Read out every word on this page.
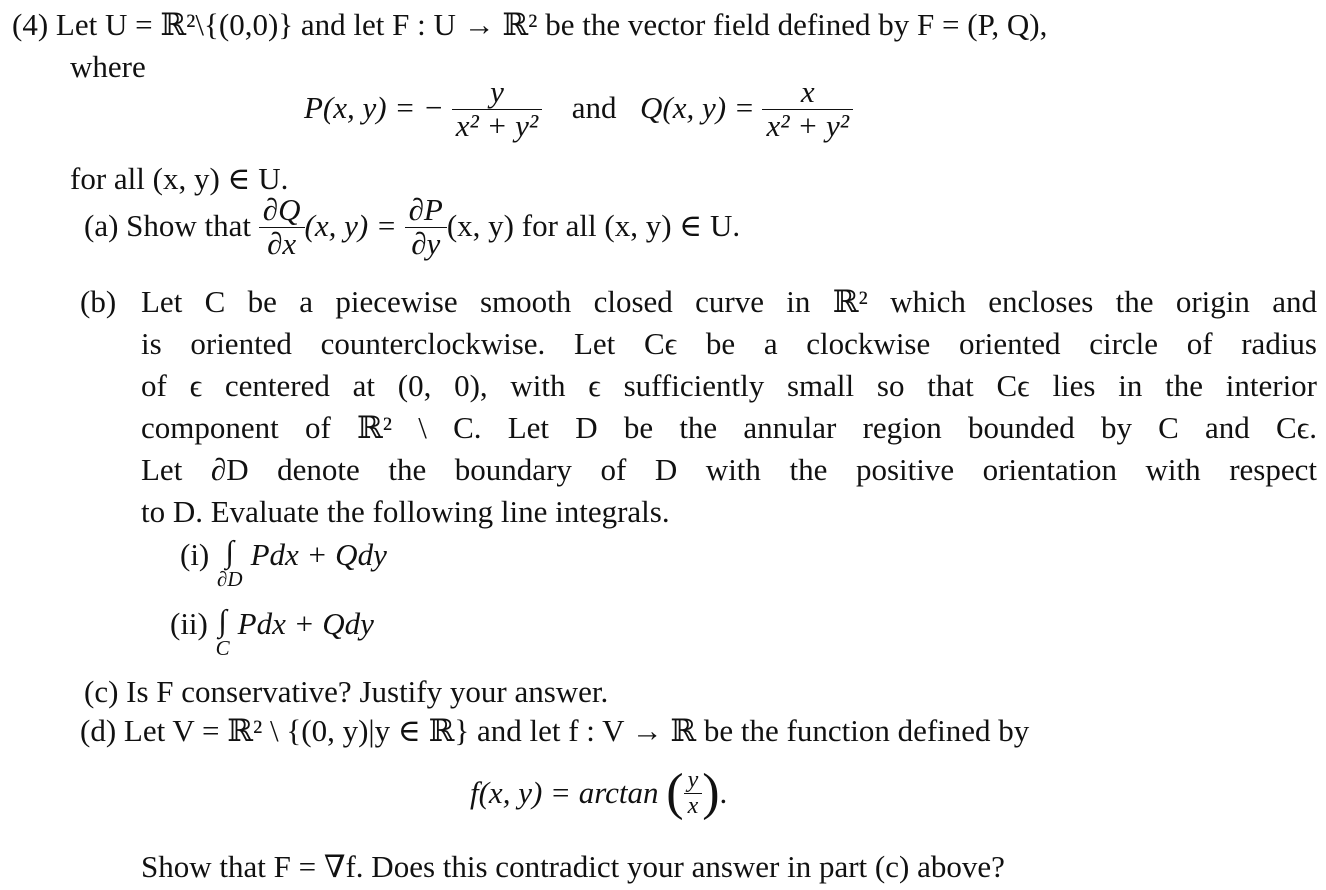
(4) Let U = ℝ²\{(0,0)} and let F : U → ℝ² be the vector field defined by F = (P, Q),
where
P(x, y) = − $\frac{y}{\text{x² + y²}}$ and Q(x, $y) = \frac{x}{\text{x² + y²}}$
for all (x, y) ∈ U.
(a) Show that $\frac{\partial Q}{\partial x} (x$, $y) = \frac{\partial P}{\partial y} (x$, y) for all (x, y) ∈ U.
(b) Let C be a piecewise smooth closed curve in ℝ² which encloses the origin and
is oriented counterclockwise. Let Cϵ be a clockwise oriented circle of radius
of ϵ centered at (0, 0), with ϵ sufficiently small so that Cϵ lies in the interior
component of ℝ² \ C. Let D be the annular region bounded by C and Cϵ.
Let ∂D denote the boundary of D with the positive orientation with respect
to D. Evaluate the following line integrals.
(i) ∫
∂D
Pdx + Qdy
(ii) ∫
C
Pdx + Qdy
(c) Is F conservative? Justify your answer.
(d) Let V = ℝ² \ {(0, y)|y ∈ ℝ} and let f : V → ℝ be the function defined by
f(x, y) = arctan ( $\frac{y}{x}$ ).
Show that F = ∇f. Does this contradict your answer in part (c) above?
